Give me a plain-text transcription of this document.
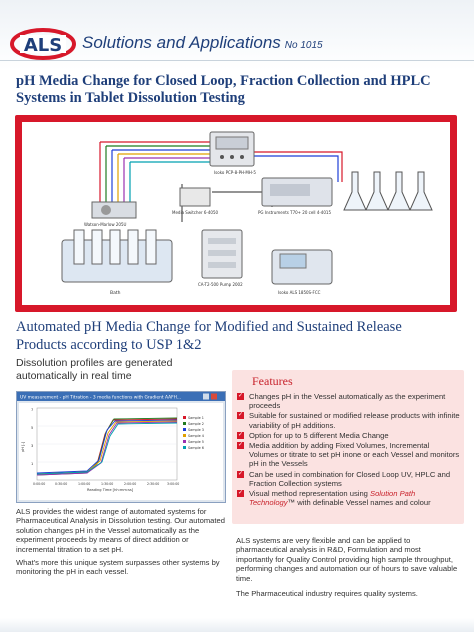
ALS Solutions and Applications No 1015
pH Media Change for Closed Loop, Fraction Collection and HPLC Systems in Tablet Dissolution Testing
Isoko PCP-8-PH-MH-5
Watson-Marlow 205U
Media Switcher 6-4050	PG Instruments T70+ 20 cell 4-4015
Bath
CA-T2-500 Pump 2002
Isoko ALS 1850S-FCC
Automated pH Media Change for Modified and Sustained Release Products according to USP 1&2
Dissolution profiles are generated automatically in real time
UV measurement - pH Titration - 3 media functions with Gradient AAFH...
7
5
3
1
pH [-]
0:00:00	0:30:00	1:00:00	1:30:00	2:00:00	2:30:00 3:00:00
Reading Time [hh:mm:ss]
Sample 1
Sample 2
Sample 3
Sample 4
Sample 5
Sample 6

ALS provides the widest range of automated systems for Pharmaceutical Analysis in Dissolution testing. Our automated solution changes pH in the Vessel automatically as the experiment proceeds by means of direct addition or incremental titration to a set pH.

What's more this unique system surpasses other systems by monitoring the pH in each vessel.

Features
✓ Changes pH in the Vessel automatically as the experiment proceeds
✓ Suitable for sustained or modified release products with infinite variability of pH additions.
✓ Option for up to 5 different Media Change
✓ Media addition by adding Fixed Volumes, Incremental Volumes or titrate to set pH inone or each Vessel and monitors pH in the Vessels
✓ Can be used in combination for Closed Loop UV, HPLC and Fraction Collection systems
✓ Visual method representation using Solution Path Technology™ with definable Vessel names and colour

ALS systems are very flexible and can be applied to pharmaceutical analysis in R&D, Formulation and most importantly for Quality Control providing high sample throughput, performing changes and automation our of hours to save valuable time.

The Pharmaceutical industry requires quality systems.
